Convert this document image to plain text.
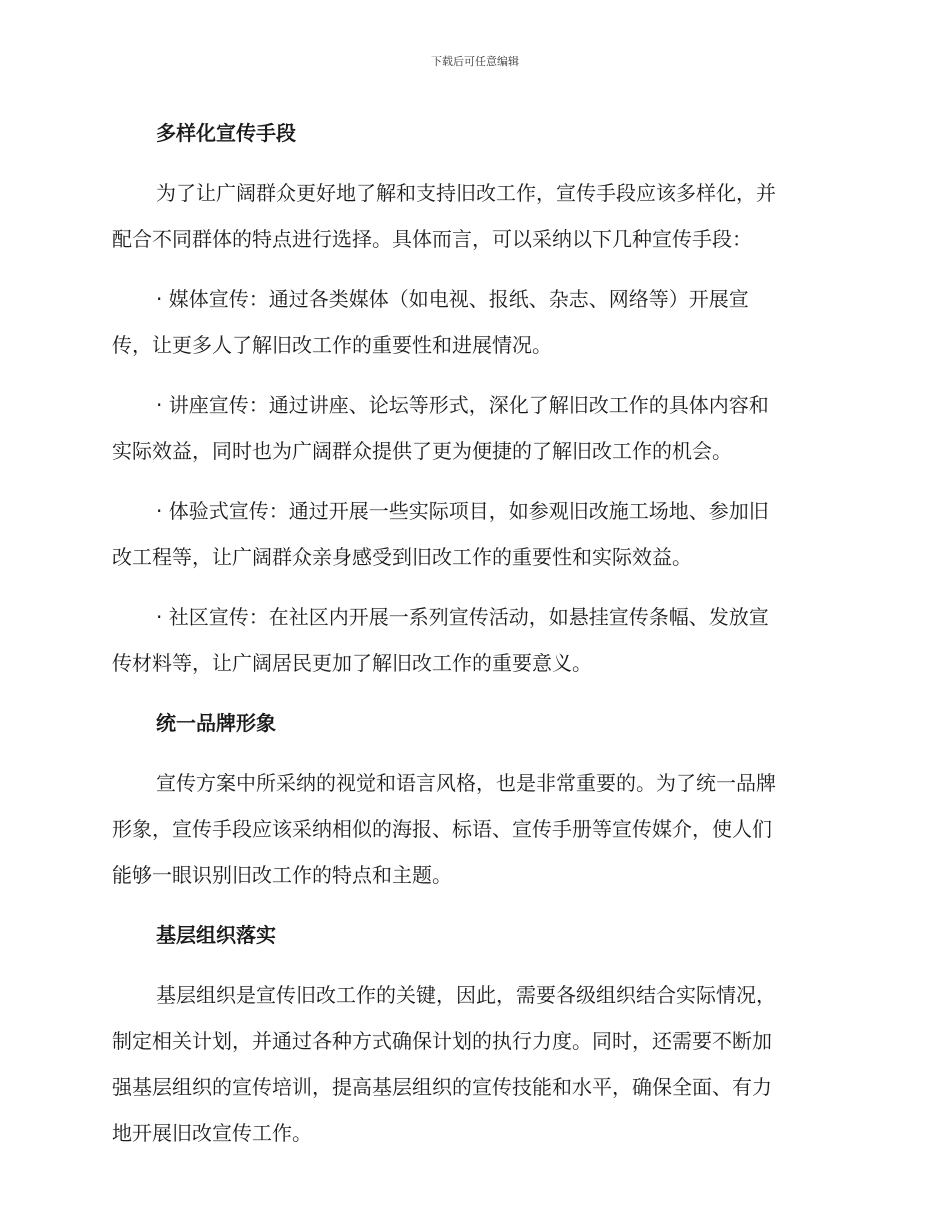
下载后可任意编辑
多样化宣传手段
为了让广阔群众更好地了解和支持旧改工作，宣传手段应该多样化，并
配合不同群体的特点进行选择。具体而言，可以采纳以下几种宣传手段：
· 媒体宣传：通过各类媒体（如电视、报纸、杂志、网络等）开展宣
传，让更多人了解旧改工作的重要性和进展情况。
· 讲座宣传：通过讲座、论坛等形式，深化了解旧改工作的具体内容和
实际效益，同时也为广阔群众提供了更为便捷的了解旧改工作的机会。
· 体验式宣传：通过开展一些实际项目，如参观旧改施工场地、参加旧
改工程等，让广阔群众亲身感受到旧改工作的重要性和实际效益。
· 社区宣传：在社区内开展一系列宣传活动，如悬挂宣传条幅、发放宣
传材料等，让广阔居民更加了解旧改工作的重要意义。
统一品牌形象
宣传方案中所采纳的视觉和语言风格，也是非常重要的。为了统一品牌
形象，宣传手段应该采纳相似的海报、标语、宣传手册等宣传媒介，使人们
能够一眼识别旧改工作的特点和主题。
基层组织落实
基层组织是宣传旧改工作的关键，因此，需要各级组织结合实际情况，
制定相关计划，并通过各种方式确保计划的执行力度。同时，还需要不断加
强基层组织的宣传培训，提高基层组织的宣传技能和水平，确保全面、有力
地开展旧改宣传工作。
